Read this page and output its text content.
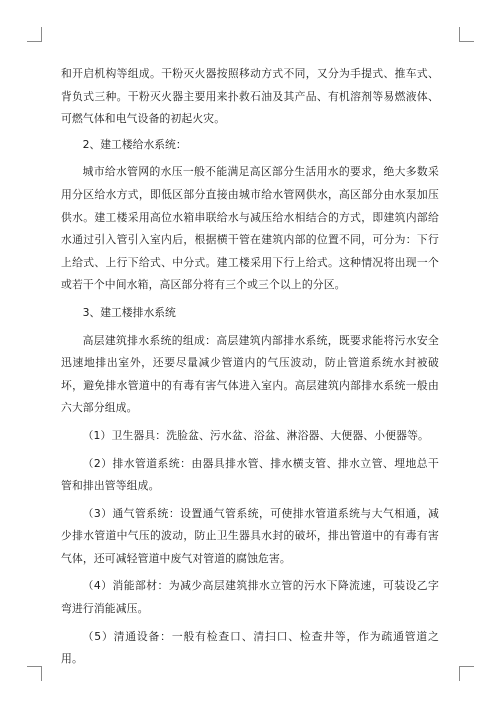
和开启机构等组成。干粉灭火器按照移动方式不同，又分为手提式、推车式、背负式三种。干粉灭火器主要用来扑救石油及其产品、有机溶剂等易燃液体、可燃气体和电气设备的初起火灾。

2、建工楼给水系统：

城市给水管网的水压一般不能满足高区部分生活用水的要求，绝大多数采用分区给水方式，即低区部分直接由城市给水管网供水，高区部分由水泵加压供水。建工楼采用高位水箱串联给水与减压给水相结合的方式，即建筑内部给水通过引入管引入室内后，根据横干管在建筑内部的位置不同，可分为：下行上给式、上行下给式、中分式。建工楼采用下行上给式。这种情况将出现一个或若干个中间水箱，高区部分将有三个或三个以上的分区。

3、建工楼排水系统

高层建筑排水系统的组成：高层建筑内部排水系统，既要求能将污水安全迅速地排出室外，还要尽量减少管道内的气压波动，防止管道系统水封被破坏，避免排水管道中的有毒有害气体进入室内。高层建筑内部排水系统一般由六大部分组成。

（1）卫生器具：洗脸盆、污水盆、浴盆、淋浴器、大便器、小便器等。

（2）排水管道系统：由器具排水管、排水横支管、排水立管、埋地总干管和排出管等组成。

（3）通气管系统：设置通气管系统，可使排水管道系统与大气相通，减少排水管道中气压的波动，防止卫生器具水封的破坏，排出管道中的有毒有害气体，还可减轻管道中废气对管道的腐蚀危害。

（4）消能部材：为减少高层建筑排水立管的污水下降流速，可装设乙字弯进行消能减压。

（5）清通设备：一般有检查口、清扫口、检查井等，作为疏通管道之用。
